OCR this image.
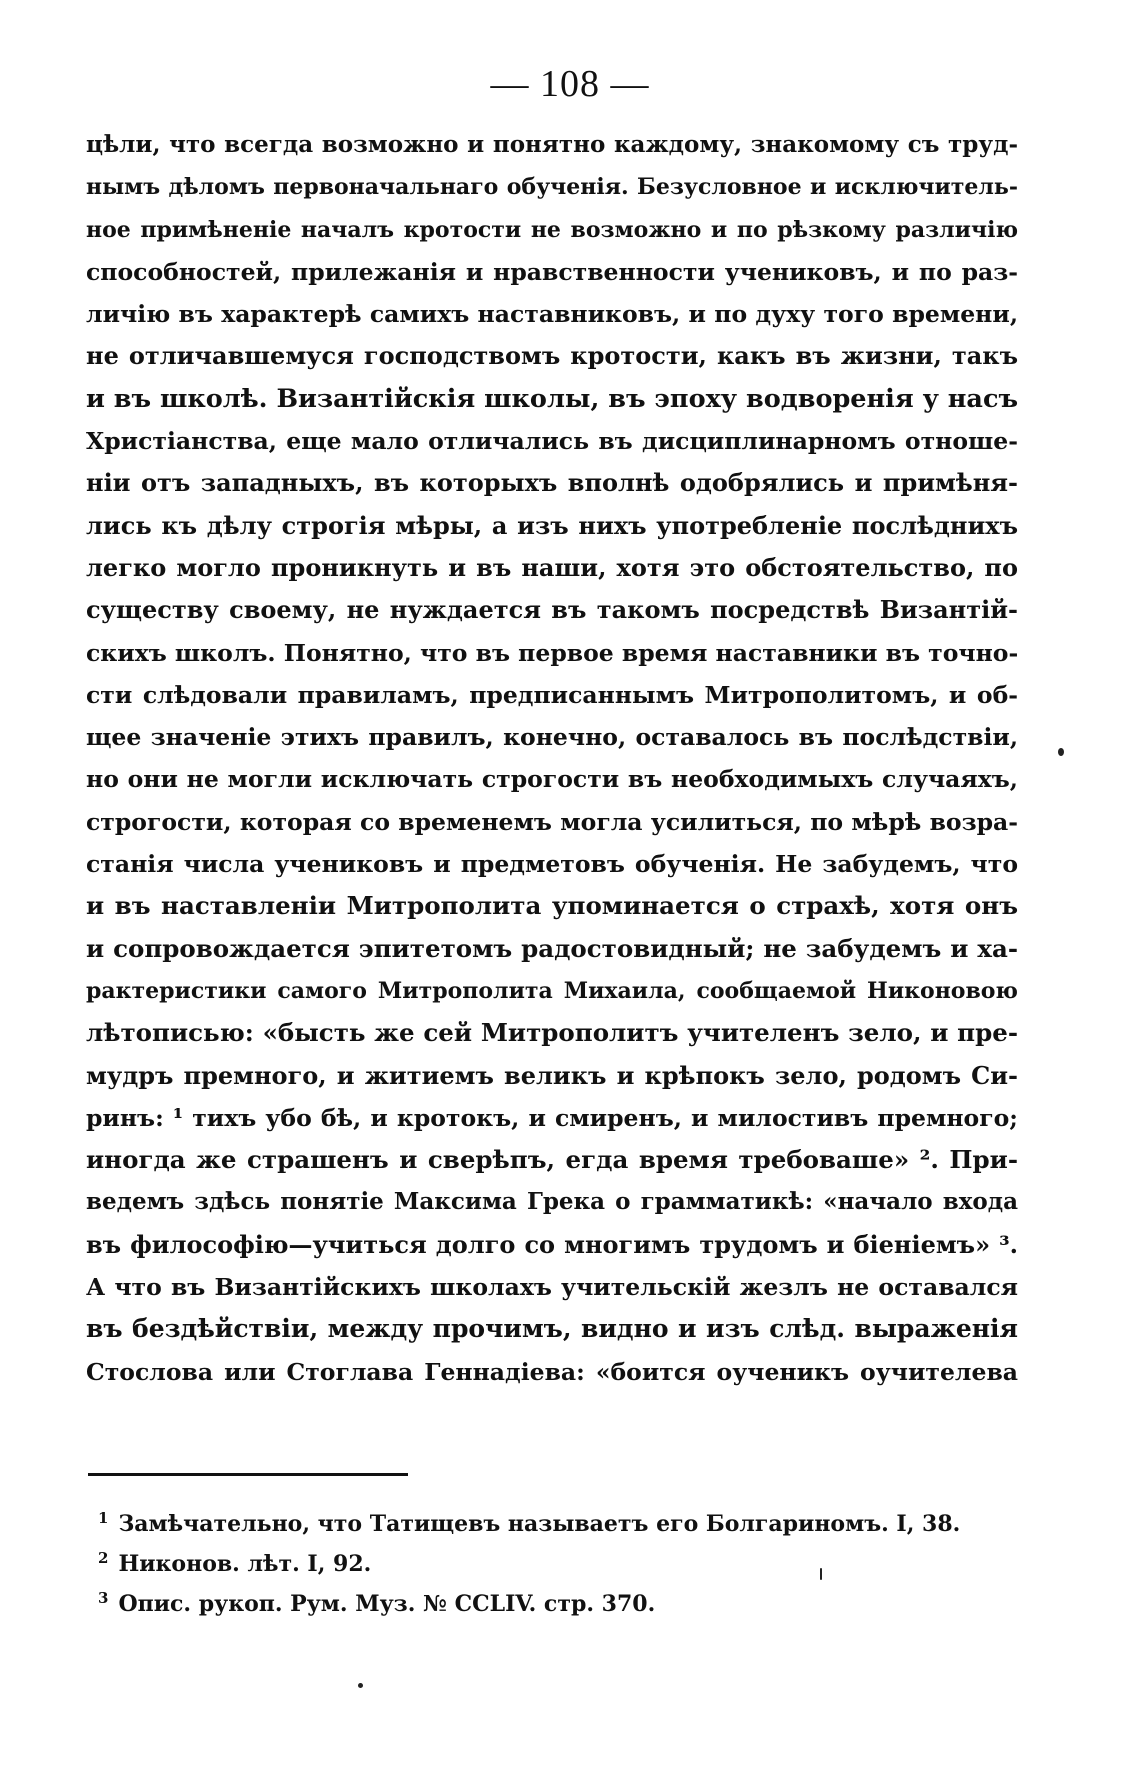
— 108 —
цѣли, что всегда возможно и понятно каждому, знакомому съ труд-
нымъ дѣломъ первоначальнаго обученія. Безусловное и исключитель-
ное примѣненіе началъ кротости не возможно и по рѣзкому различію
способностей, прилежанія и нравственности учениковъ, и по раз-
личію въ характерѣ самихъ наставниковъ, и по духу того времени,
не отличавшемуся господствомъ кротости, какъ въ жизни, такъ
и въ школѣ. Византійскія школы, въ эпоху водворенія у насъ
Христіанства, еще мало отличались въ дисциплинарномъ отноше-
ніи отъ западныхъ, въ которыхъ вполнѣ одобрялись и примѣня-
лись къ дѣлу строгія мѣры, а изъ нихъ употребленіе послѣднихъ
легко могло проникнуть и въ наши, хотя это обстоятельство, по
существу своему, не нуждается въ такомъ посредствѣ Византій-
скихъ школъ. Понятно, что въ первое время наставники въ точно-
сти слѣдовали правиламъ, предписаннымъ Митрополитомъ, и об-
щее значеніе этихъ правилъ, конечно, оставалось въ послѣдствіи,
но они не могли исключать строгости въ необходимыхъ случаяхъ,
строгости, которая со временемъ могла усилиться, по мѣрѣ возра-
станія числа учениковъ и предметовъ обученія. Не забудемъ, что
и въ наставленіи Митрополита упоминается о страхѣ, хотя онъ
и сопровождается эпитетомъ радостовидный; не забудемъ и ха-
рактеристики самого Митрополита Михаила, сообщаемой Никоновою
лѣтописью: «бысть же сей Митрополитъ учителенъ зело, и пре-
мудръ премного, и житиемъ великъ и крѣпокъ зело, родомъ Си-
ринъ: ¹ тихъ убо бѣ, и кротокъ, и смиренъ, и милостивъ премного;
иногда же страшенъ и сверѣпъ, егда время требоваше» ². При-
ведемъ здѣсь понятіе Максима Грека о грамматикѣ: «начало входа
въ философію—учиться долго со многимъ трудомъ и біеніемъ» ³.
А что въ Византійскихъ школахъ учительскій жезлъ не оставался
въ бездѣйствіи, между прочимъ, видно и изъ слѣд. выраженія
Стослова или Стоглава Геннадіева: «боится оученикъ оучителева
$^1$ Замѣчательно, что Татищевъ называетъ его Болгариномъ. I, 38.
$^2$ Никонов. лѣт. I, 92.
$^3$ Опис. рукоп. Рум. Муз. № CCLIV. стр. 370.
